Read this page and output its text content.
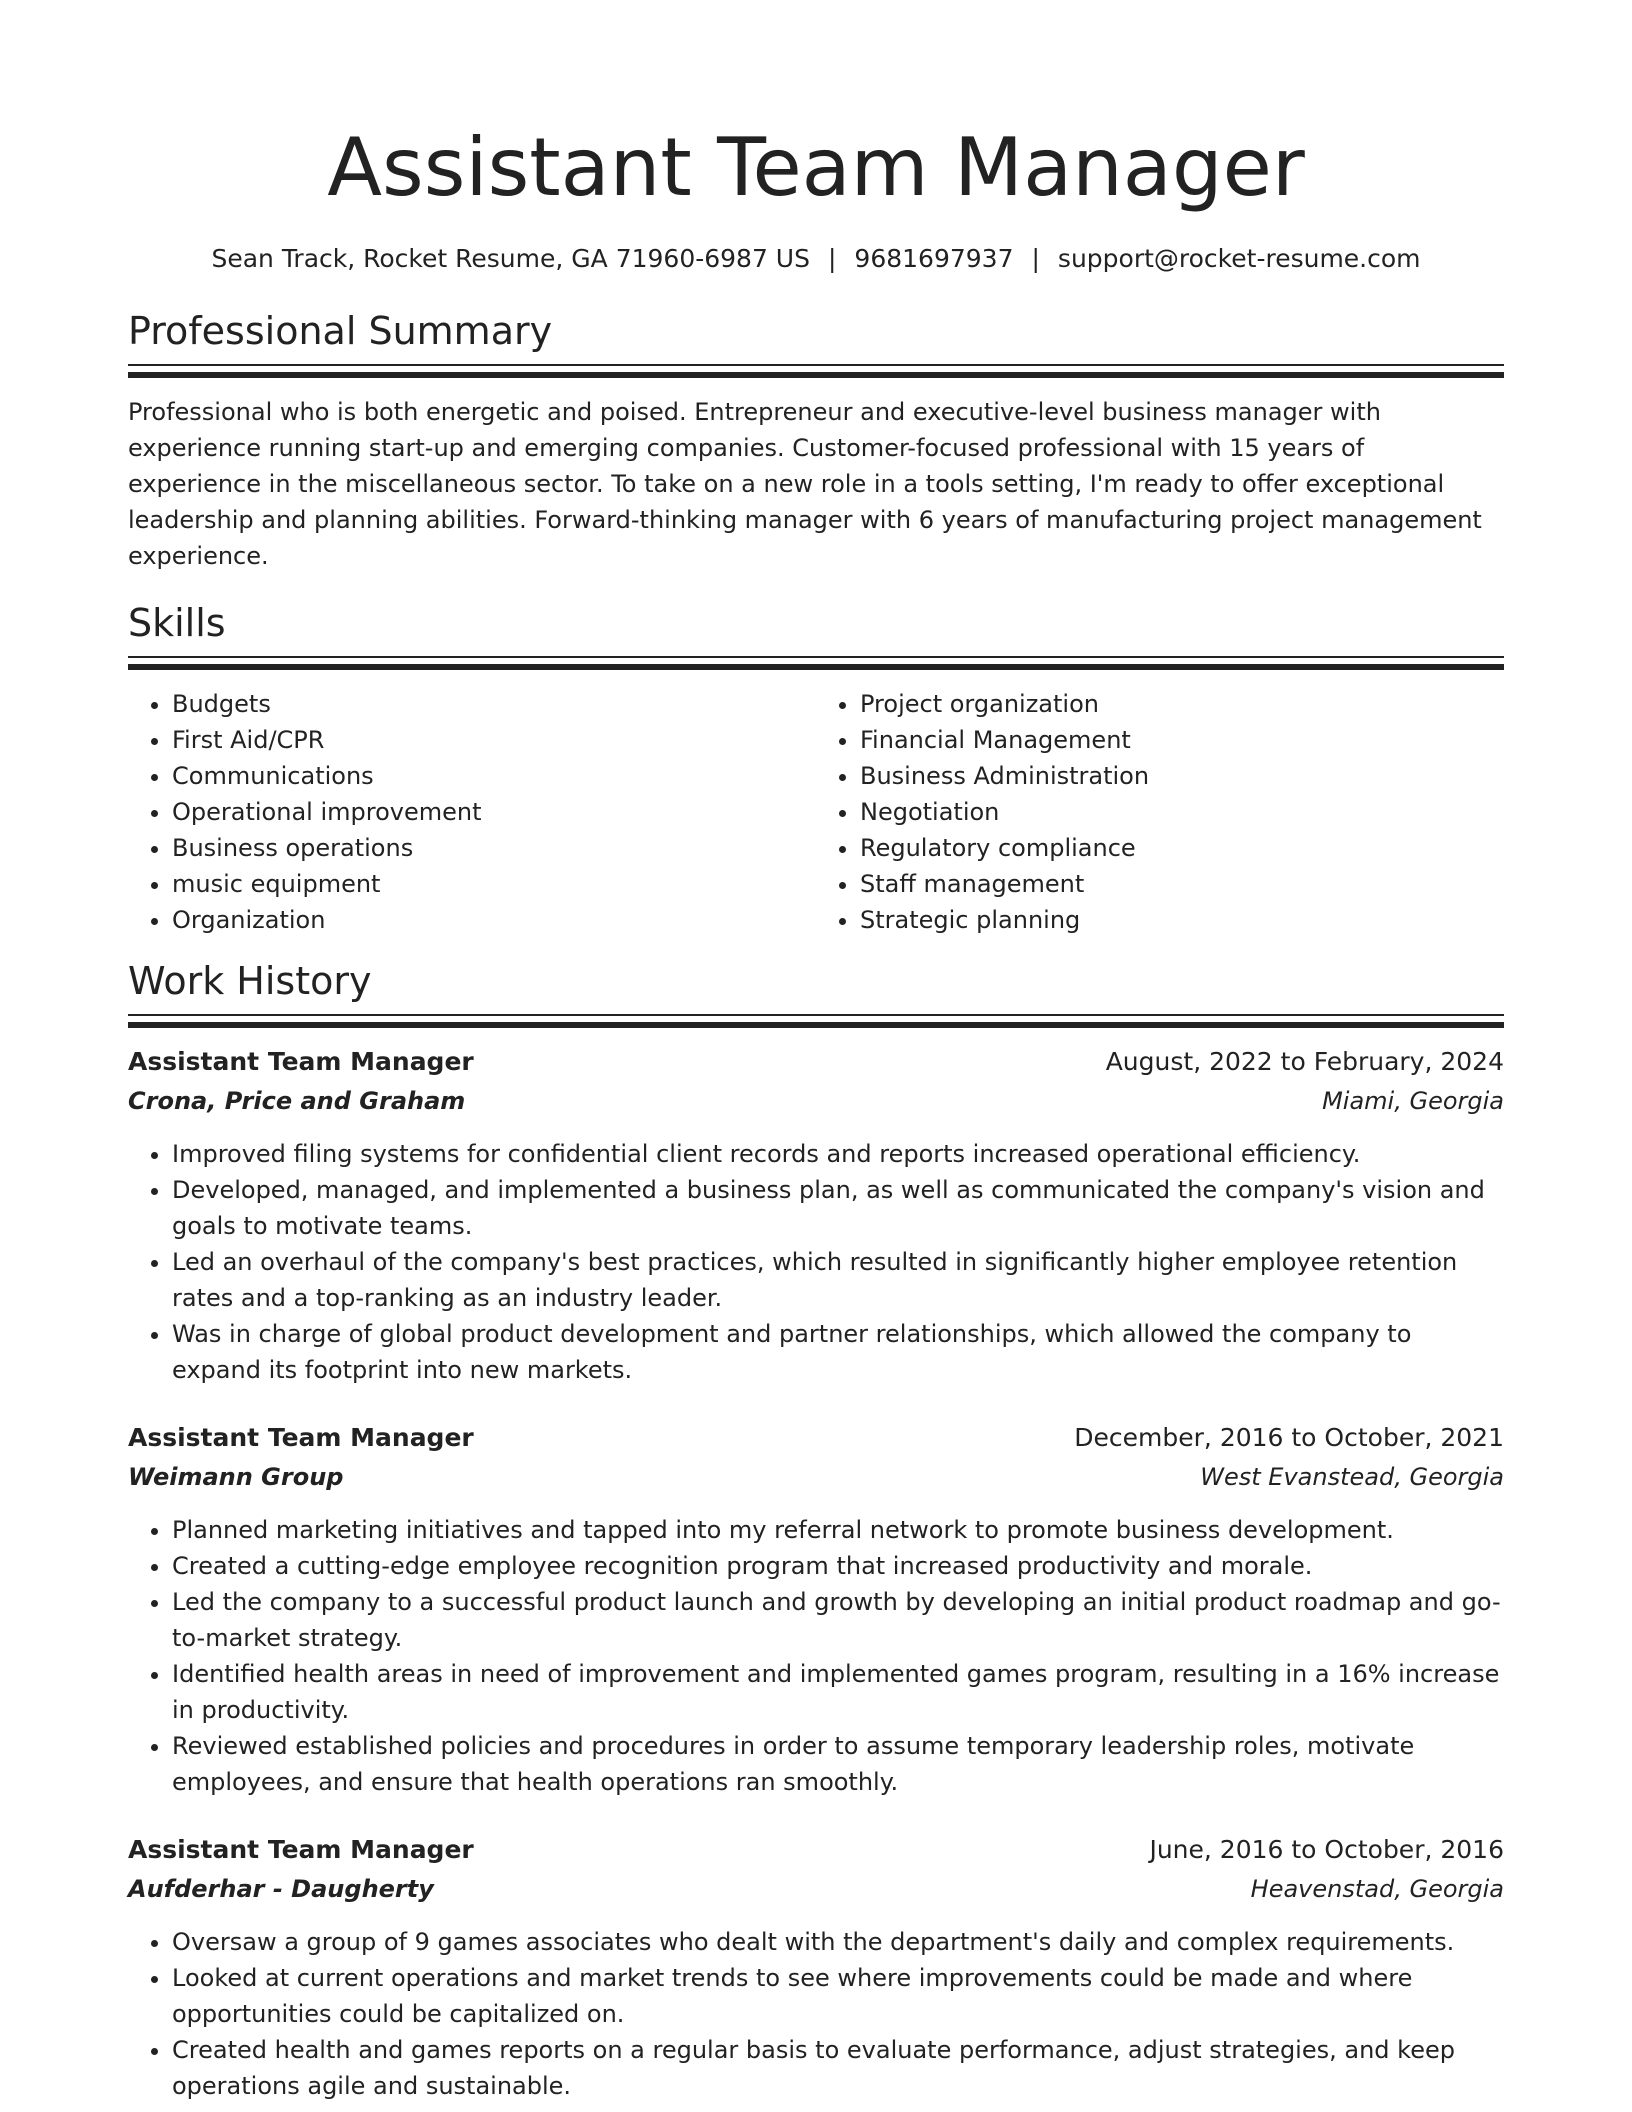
Assistant Team Manager
Sean Track, Rocket Resume, GA 71960-6987 US | 9681697937 | support@rocket-resume.com
Professional Summary

Professional who is both energetic and poised. Entrepreneur and executive-level business manager with experience running start-up and emerging companies. Customer-focused professional with 15 years of experience in the miscellaneous sector. To take on a new role in a tools setting, I'm ready to offer exceptional leadership and planning abilities. Forward-thinking manager with 6 years of manufacturing project management experience.

Skills
• Budgets
• First Aid/CPR
• Communications
• Operational improvement
• Business operations
• music equipment
• Organization
• Project organization
• Financial Management
• Business Administration
• Negotiation
• Regulatory compliance
• Staff management
• Strategic planning
Work History
Assistant Team Manager	August, 2022 to February, 2024
Crona, Price and Graham	Miami, Georgia
• Improved filing systems for confidential client records and reports increased operational efficiency.
• Developed, managed, and implemented a business plan, as well as communicated the company's vision and goals to motivate teams.
• Led an overhaul of the company's best practices, which resulted in significantly higher employee retention rates and a top-ranking as an industry leader.
• Was in charge of global product development and partner relationships, which allowed the company to expand its footprint into new markets.
Assistant Team Manager	December, 2016 to October, 2021
Weimann Group	West Evanstead, Georgia
• Planned marketing initiatives and tapped into my referral network to promote business development.
• Created a cutting-edge employee recognition program that increased productivity and morale.
• Led the company to a successful product launch and growth by developing an initial product roadmap and go-to-market strategy.
• Identified health areas in need of improvement and implemented games program, resulting in a 16% increase in productivity.
• Reviewed established policies and procedures in order to assume temporary leadership roles, motivate employees, and ensure that health operations ran smoothly.
Assistant Team Manager	June, 2016 to October, 2016
Aufderhar - Daugherty	Heavenstad, Georgia
• Oversaw a group of 9 games associates who dealt with the department's daily and complex requirements.
• Looked at current operations and market trends to see where improvements could be made and where opportunities could be capitalized on.
• Created health and games reports on a regular basis to evaluate performance, adjust strategies, and keep operations agile and sustainable.
